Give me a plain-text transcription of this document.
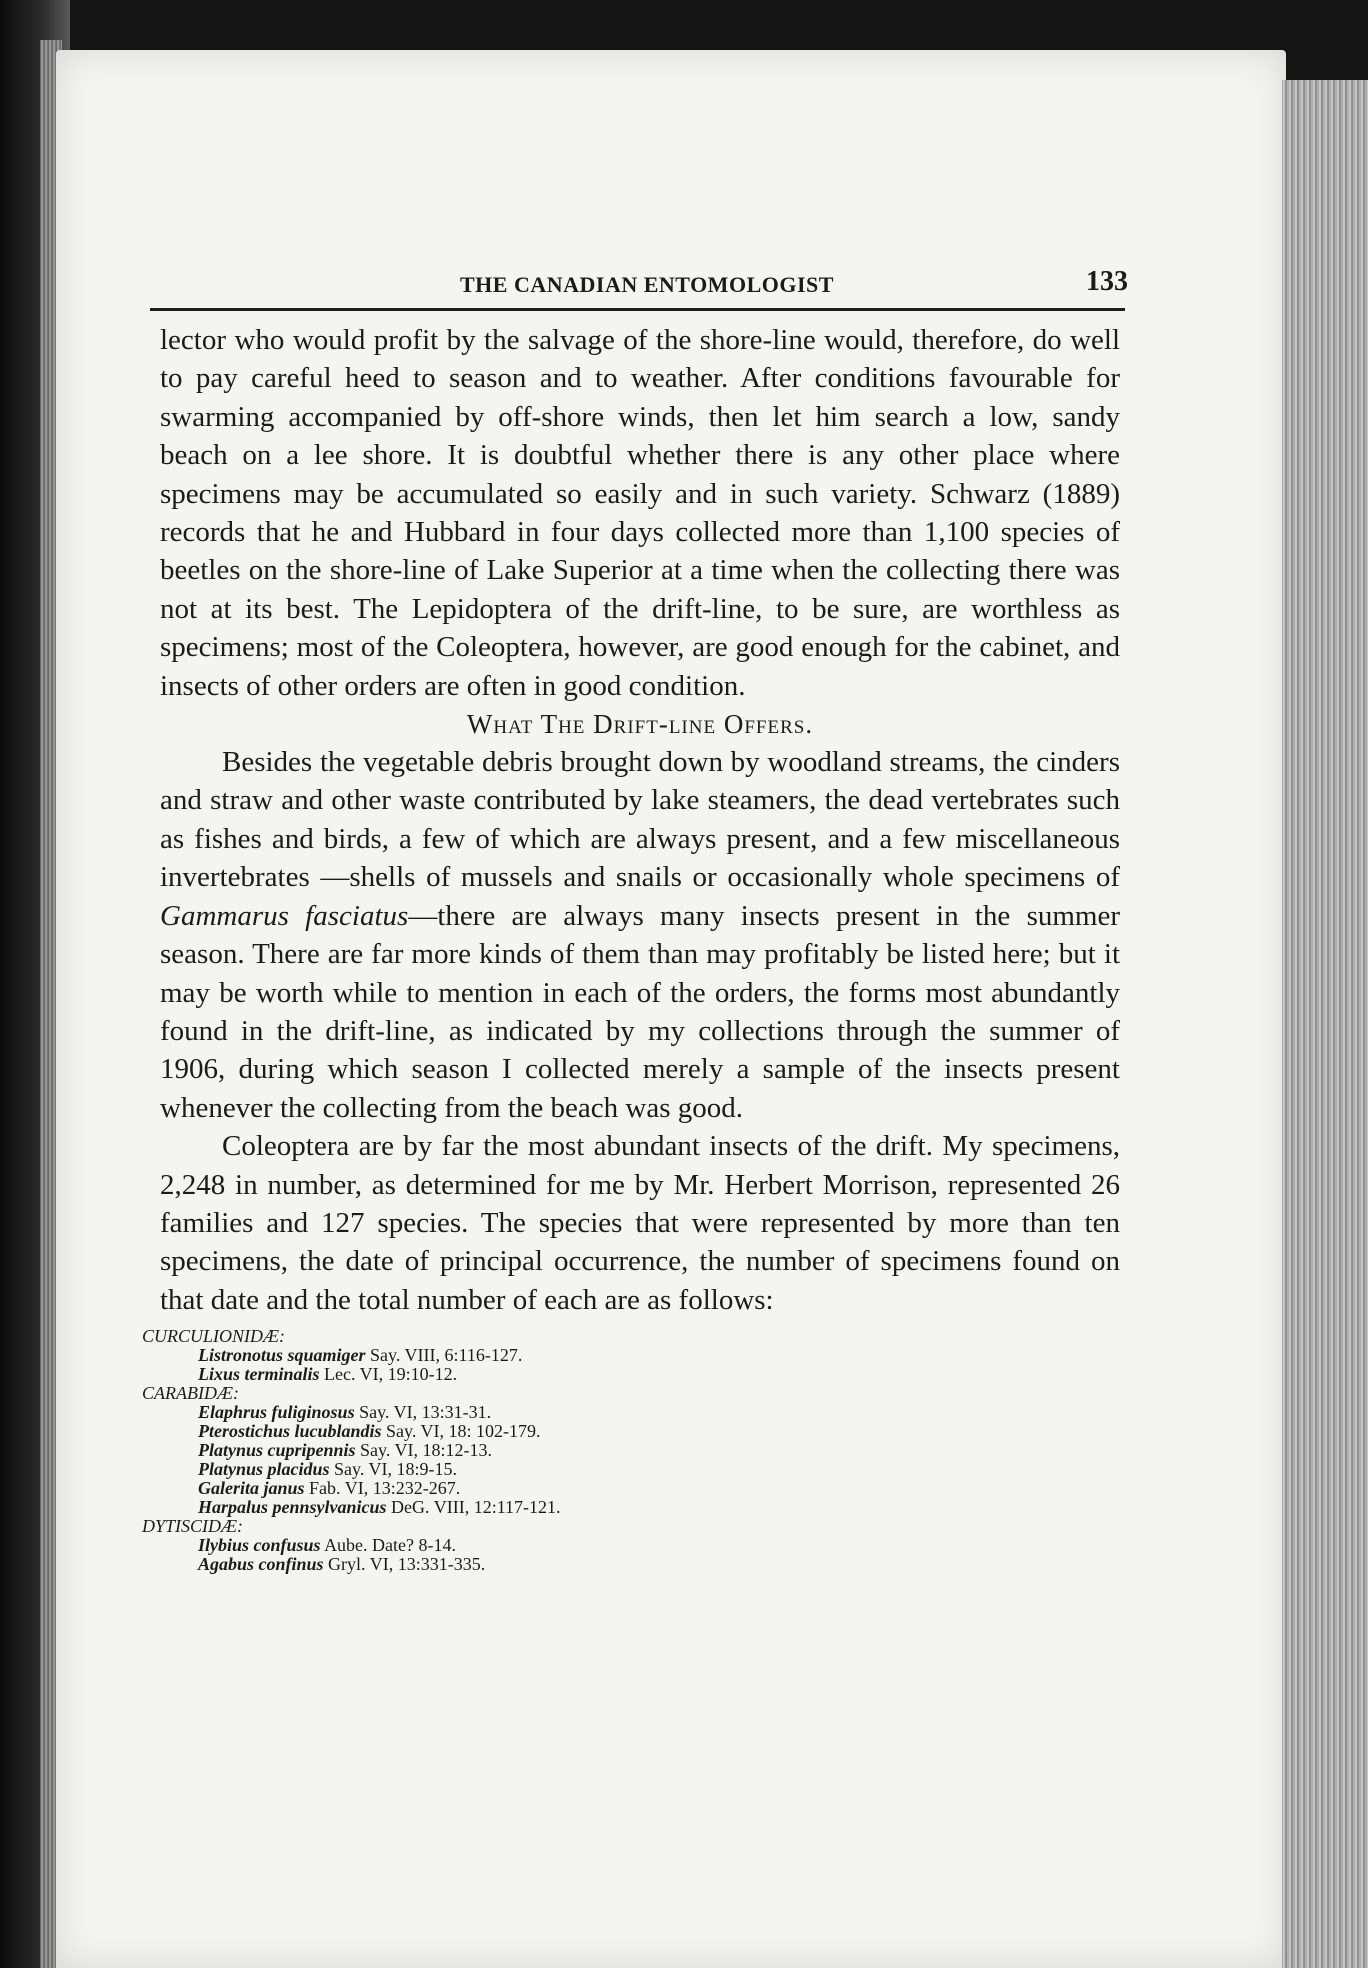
THE CANADIAN ENTOMOLOGIST	133

lector who would profit by the salvage of the shore-line would, therefore, do well to pay careful heed to season and to weather. After conditions favourable for swarming accompanied by off-shore winds, then let him search a low, sandy beach on a lee shore. It is doubtful whether there is any other place where specimens may be accumulated so easily and in such variety. Schwarz (1889) records that he and Hubbard in four days collected more than 1,100 species of beetles on the shore-line of Lake Superior at a time when the collecting there was not at its best. The Lepidoptera of the drift-line, to be sure, are worthless as specimens; most of the Coleoptera, however, are good enough for the cabinet, and insects of other orders are often in good condition.

What The Drift-line Offers.

Besides the vegetable debris brought down by woodland streams, the cinders and straw and other waste contributed by lake steamers, the dead vertebrates such as fishes and birds, a few of which are always present, and a few miscellaneous invertebrates —shells of mussels and snails or occasionally whole specimens of Gammarus fasciatus—there are always many insects present in the summer season. There are far more kinds of them than may profitably be listed here; but it may be worth while to mention in each of the orders, the forms most abundantly found in the drift-line, as indicated by my collections through the summer of 1906, during which season I collected merely a sample of the insects present whenever the collecting from the beach was good.

Coleoptera are by far the most abundant insects of the drift. My specimens, 2,248 in number, as determined for me by Mr. Herbert Morrison, represented 26 families and 127 species. The species that were represented by more than ten specimens, the date of principal occurrence, the number of specimens found on that date and the total number of each are as follows:

CURCULIONIDÆ:
Listronotus squamiger Say. VIII, 6:116-127.
Lixus terminalis Lec. VI, 19:10-12.
CARABIDÆ:
Elaphrus fuliginosus Say. VI, 13:31-31.
Pterostichus lucublandis Say. VI, 18: 102-179.
Platynus cupripennis Say. VI, 18:12-13.
Platynus placidus Say. VI, 18:9-15.
Galerita janus Fab. VI, 13:232-267.
Harpalus pennsylvanicus DeG. VIII, 12:117-121.
DYTISCIDÆ:
Ilybius confusus Aube. Date? 8-14.
Agabus confinus Gryl. VI, 13:331-335.
